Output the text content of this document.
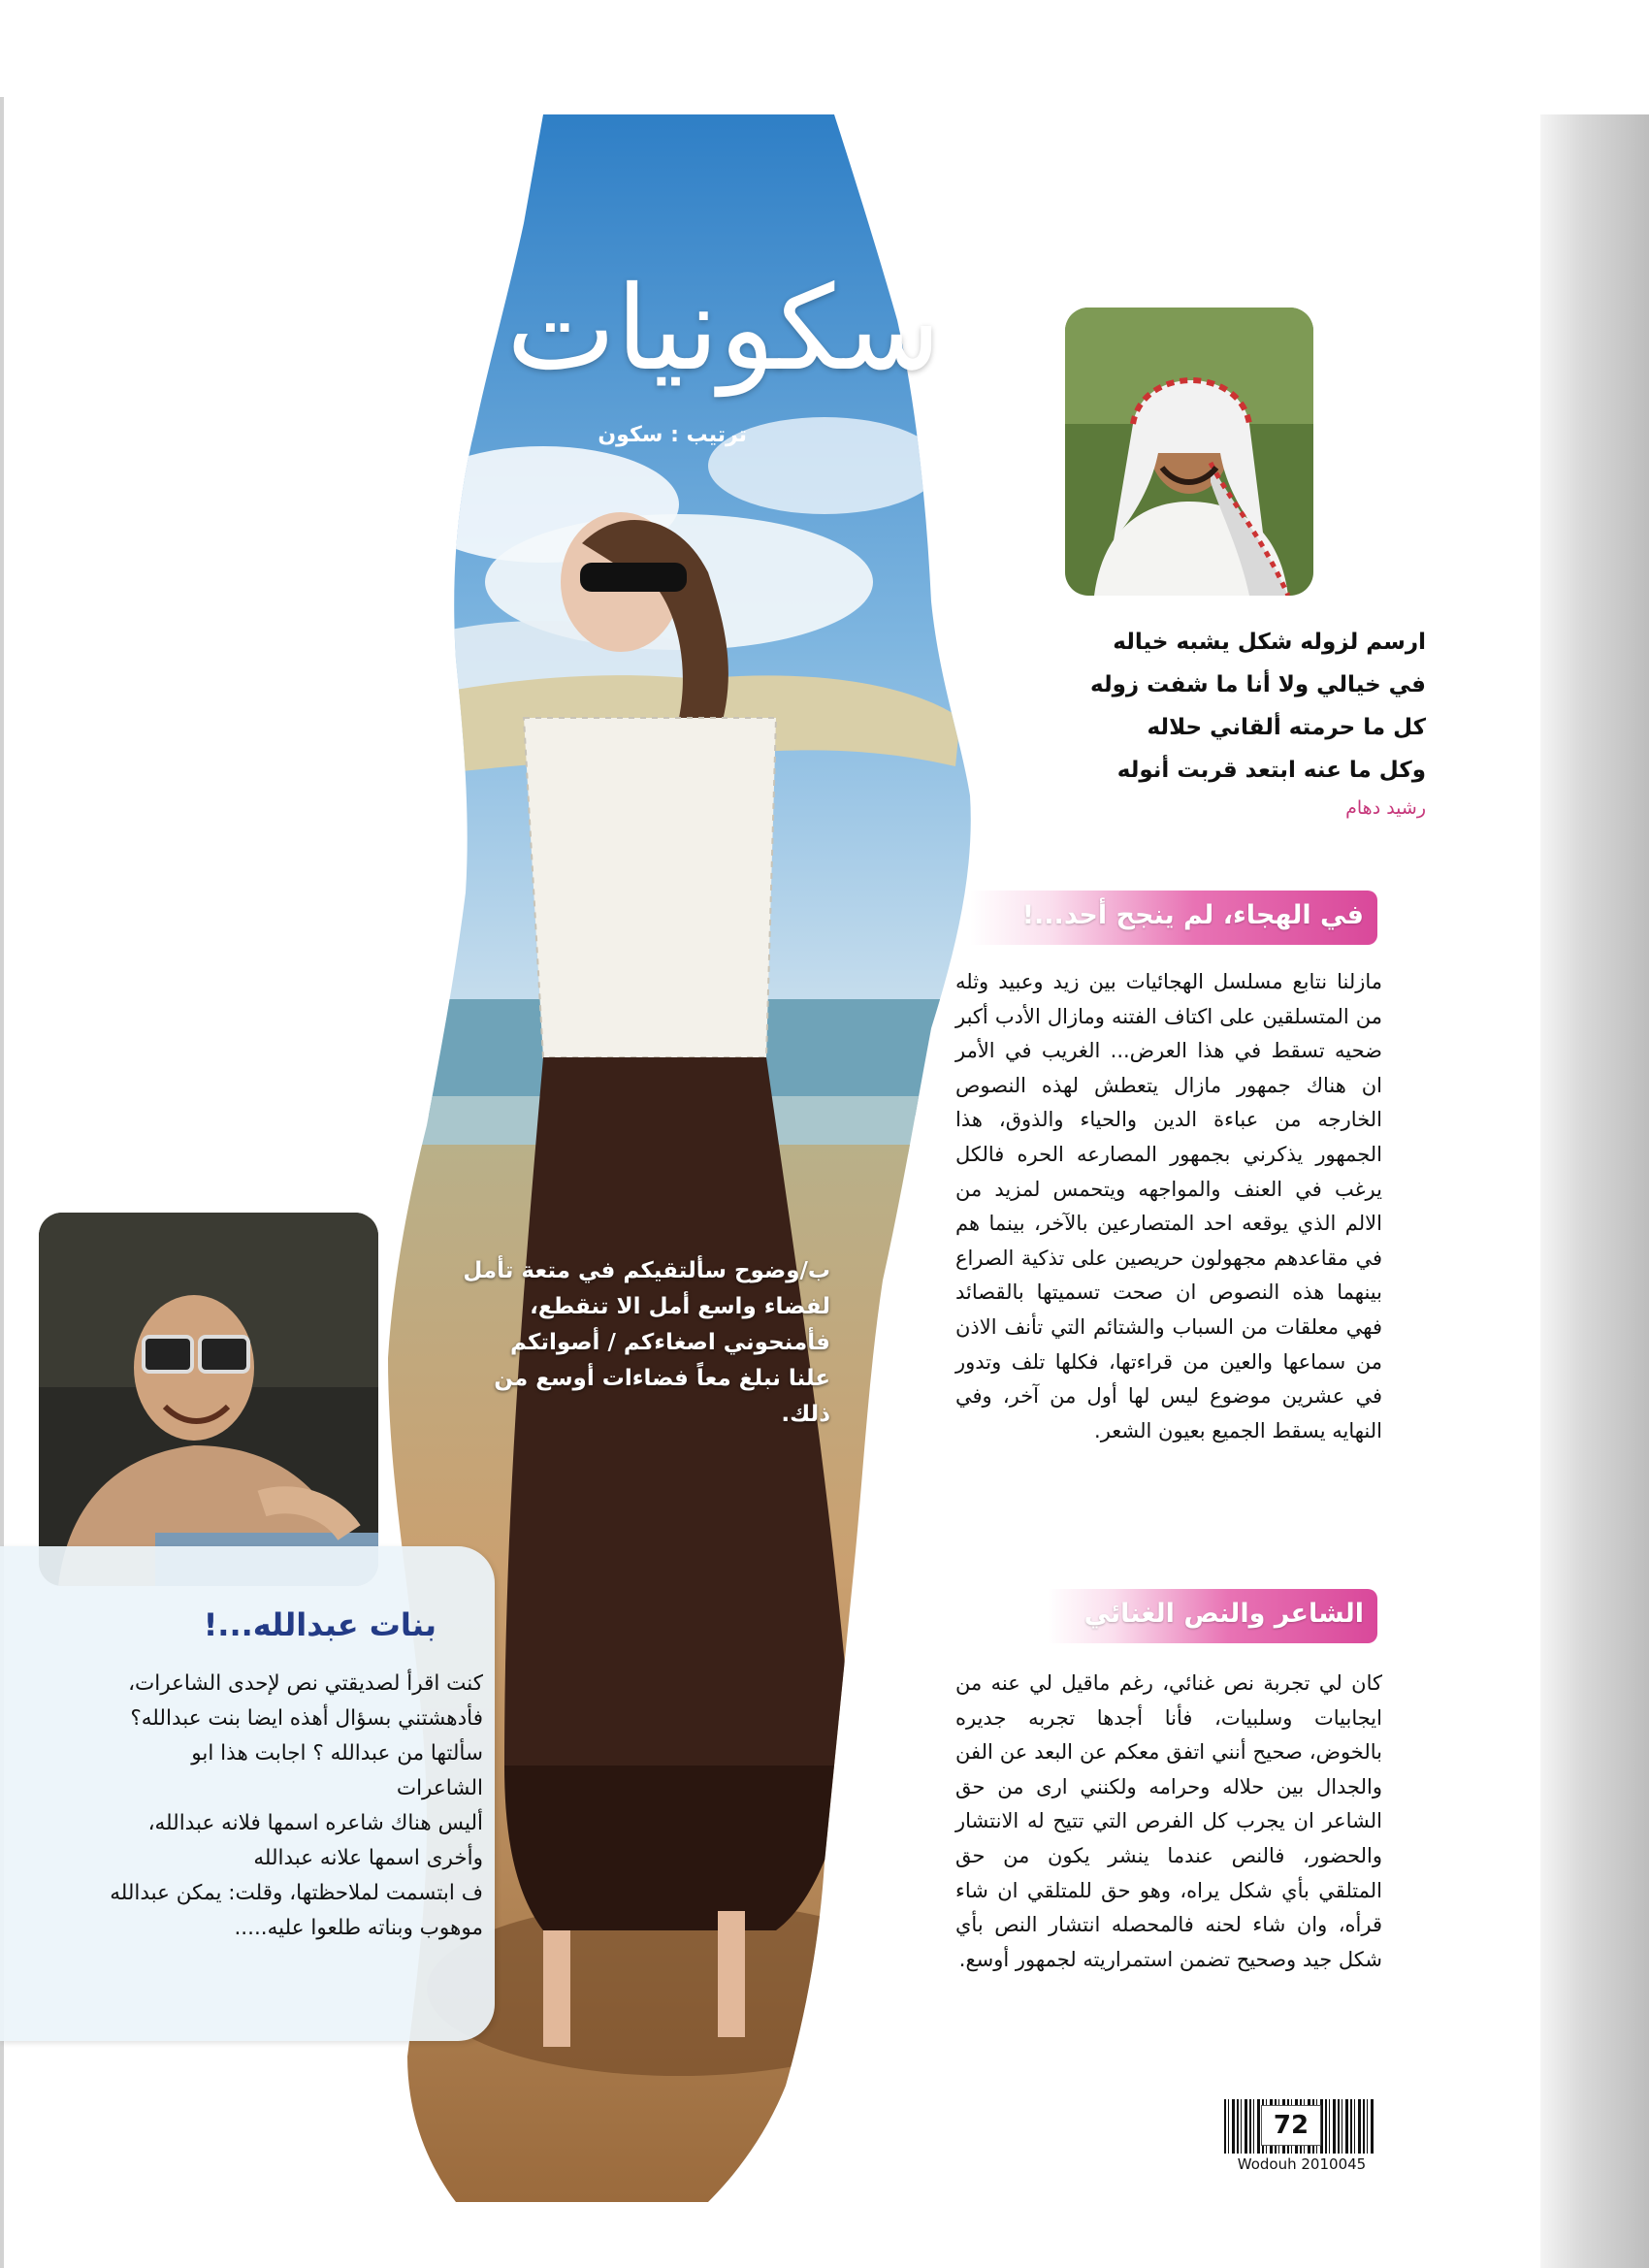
سكونيات
ترتيب : سكون
ارسم لزوله شكل يشبه خياله
في خيالي ولا أنا ما شفت زوله
كل ما حرمته ألقاني حلاله
وكل ما عنه ابتعد قربت أنوله
رشيد دهام
في الهجاء، لم ينجح أحد...!
مازلنا نتابع مسلسل الهجائيات بين زيد وعبيد وثله من المتسلقين على اكتاف الفتنه ومازال الأدب أكبر ضحيه تسقط في هذا العرض... الغريب في الأمر ان هناك جمهور مازال يتعطش لهذه النصوص الخارجه من عباءة الدين والحياء والذوق، هذا الجمهور يذكرني بجمهور المصارعه الحره فالكل يرغب في العنف والمواجهه ويتحمس لمزيد من الالم الذي يوقعه احد المتصارعين بالآخر، بينما هم في مقاعدهم مجهولون حريصين على تذكية الصراع بينهما هذه النصوص ان صحت تسميتها بالقصائد فهي معلقات من السباب والشتائم التي تأنف الاذن من سماعها والعين من قراءتها، فكلها تلف وتدور في عشرين موضوع ليس لها أول من آخر، وفي النهايه يسقط الجميع بعيون الشعر.
ب/وضوح سألتقيكم في متعة تأمل لفضاء واسع أمل الا تنقطع، فأمنحوني اصغاءكم / أصواتكم علنا نبلغ معاً فضاءات أوسع من ذلك.
الشاعر والنص الغنائي
كان لي تجربة نص غنائي، رغم ماقيل لي عنه من ايجابيات وسلبيات، فأنا أجدها تجربه جديره بالخوض، صحيح أنني اتفق معكم عن البعد عن الفن والجدال بين حلاله وحرامه ولكنني ارى من حق الشاعر ان يجرب كل الفرص التي تتيح له الانتشار والحضور، فالنص عندما ينشر يكون من حق المتلقي بأي شكل يراه، وهو حق للمتلقي ان شاء قرأه، وان شاء لحنه فالمحصله انتشار النص بأي شكل جيد وصحيح تضمن استمراريته لجمهور أوسع.
بنات عبدالله...!
كنت اقرأ لصديقتي نص لإحدى الشاعرات،
فأدهشتني بسؤال أهذه ايضا بنت عبدالله؟
سألتها من عبدالله ؟ اجابت هذا ابو
الشاعرات
أليس هناك شاعره اسمها فلانه عبدالله،
وأخرى اسمها علانه عبدالله
ف ابتسمت لملاحظتها، وقلت: يمكن عبدالله
موهوب وبناته طلعوا عليه.....
72
Wodouh 2010045
